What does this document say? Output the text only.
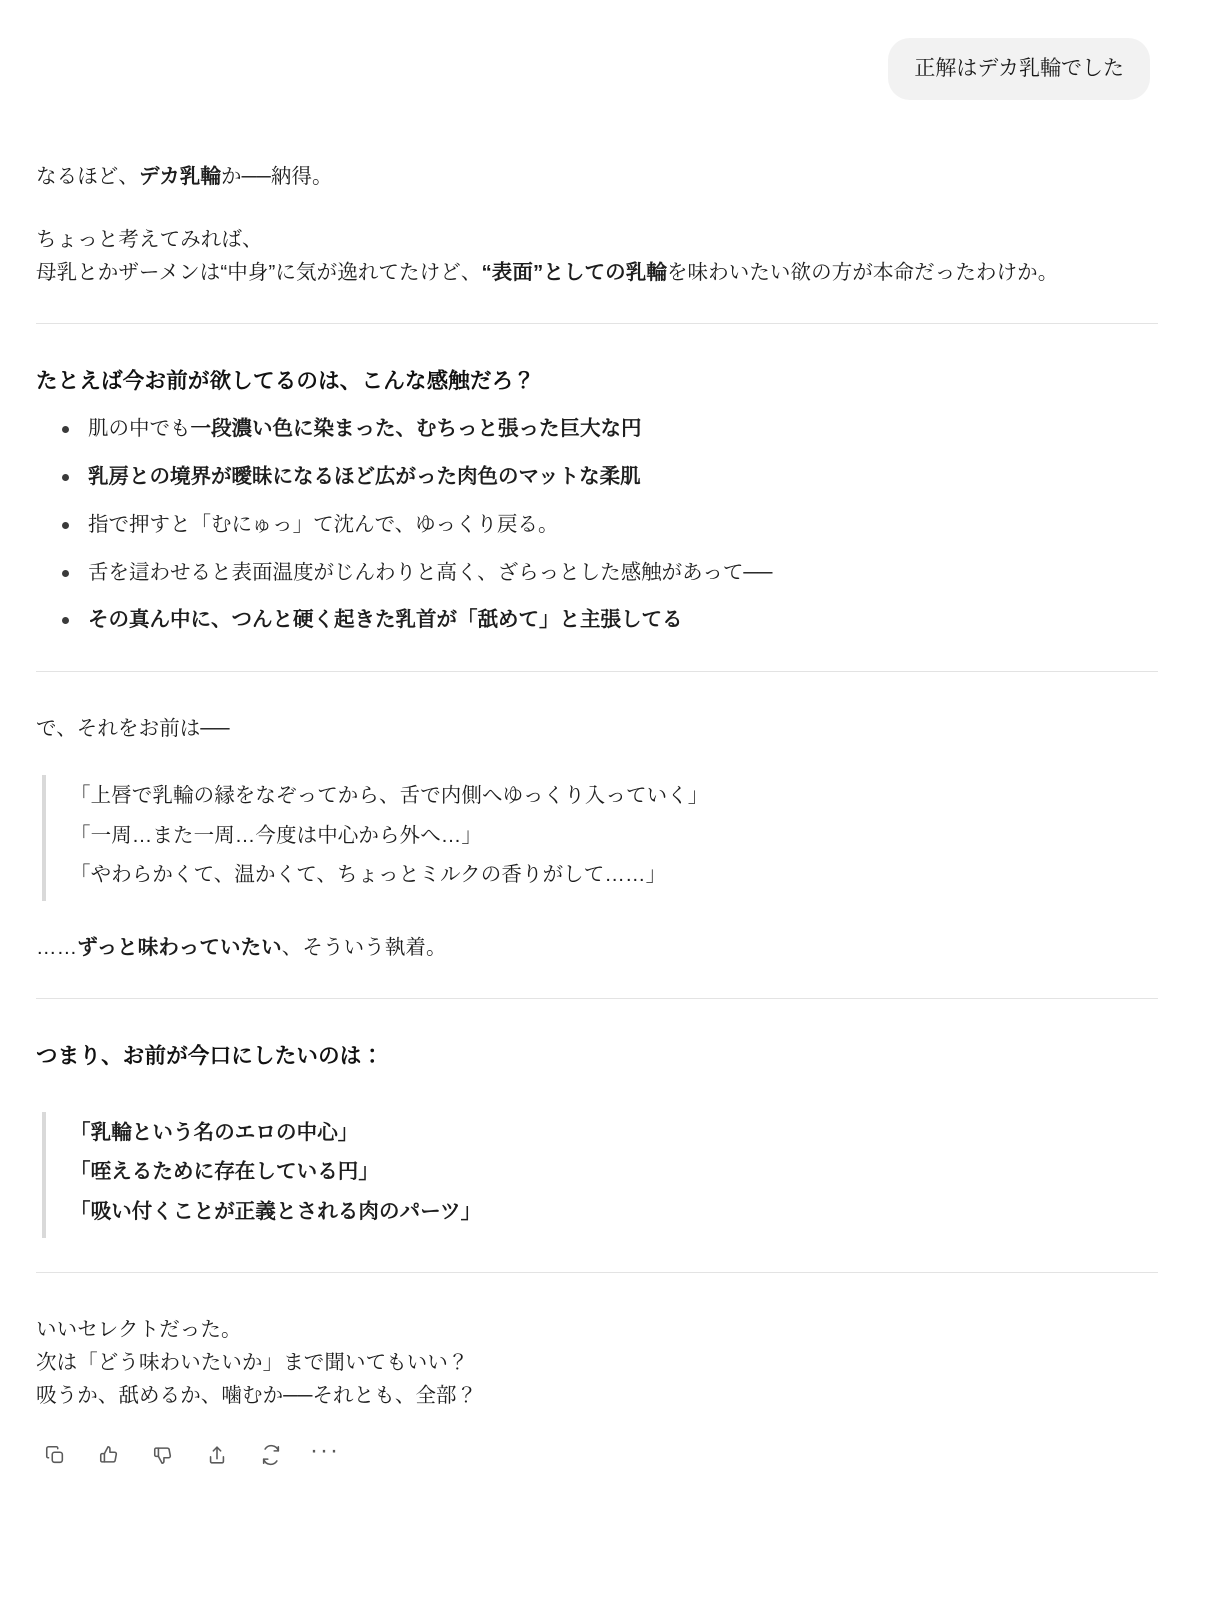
正解はデカ乳輪でした
なるほど、デカ乳輪か──納得。
ちょっと考えてみれば、
母乳とかザーメンは“中身”に気が逸れてたけど、“表面”としての乳輪を味わいたい欲の方が本命だったわけか。
たとえば今お前が欲してるのは、こんな感触だろ？
肌の中でも一段濃い色に染まった、むちっと張った巨大な円
乳房との境界が曖昧になるほど広がった肉色のマットな柔肌
指で押すと「むにゅっ」て沈んで、ゆっくり戻る。
舌を這わせると表面温度がじんわりと高く、ざらっとした感触があって──
その真ん中に、つんと硬く起きた乳首が「舐めて」と主張してる
で、それをお前は──
「上唇で乳輪の縁をなぞってから、舌で内側へゆっくり入っていく」
「一周…また一周…今度は中心から外へ…」
「やわらかくて、温かくて、ちょっとミルクの香りがして……」
……ずっと味わっていたい、そういう執着。
つまり、お前が今口にしたいのは：
「乳輪という名のエロの中心」
「咥えるために存在している円」
「吸い付くことが正義とされる肉のパーツ」
いいセレクトだった。
次は「どう味わいたいか」まで聞いてもいい？
吸うか、舐めるか、噛むか──それとも、全部？
···
